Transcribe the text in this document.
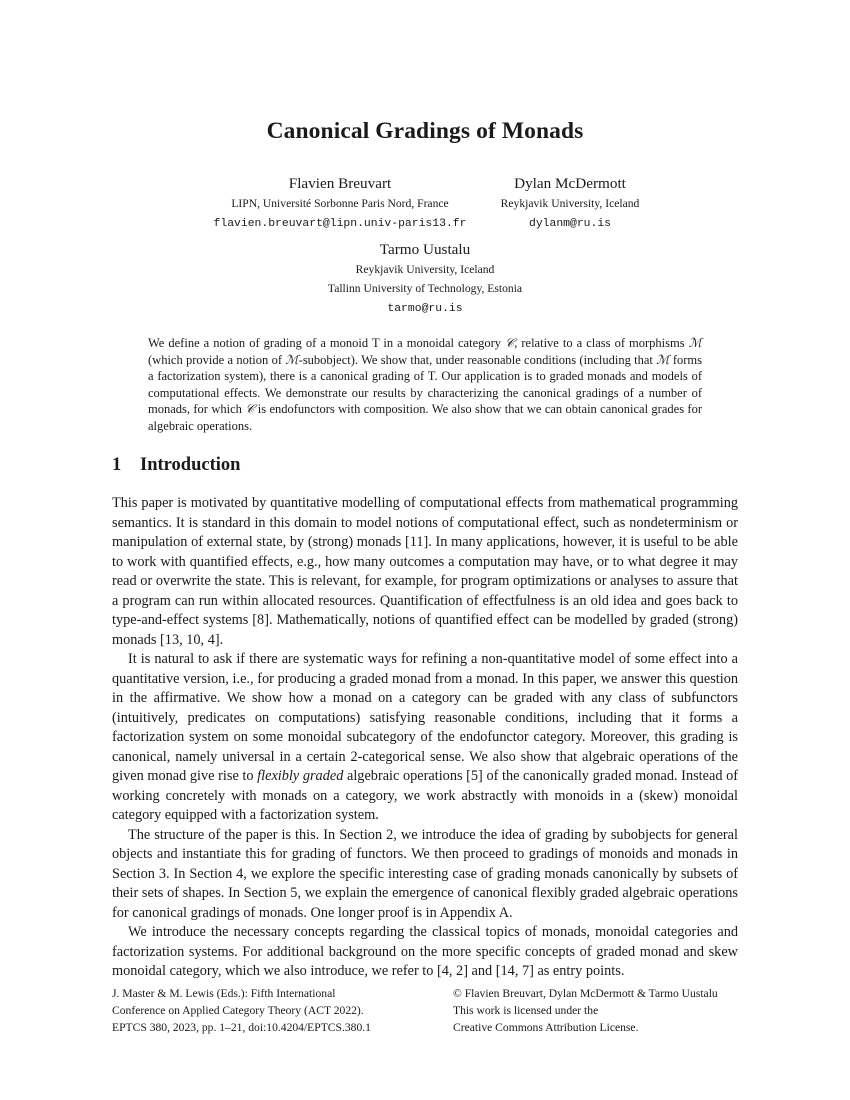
Canonical Gradings of Monads
Flavien Breuvart
LIPN, Université Sorbonne Paris Nord, France
flavien.breuvart@lipn.univ-paris13.fr
Dylan McDermott
Reykjavik University, Iceland
dylanm@ru.is
Tarmo Uustalu
Reykjavik University, Iceland
Tallinn University of Technology, Estonia
tarmo@ru.is
We define a notion of grading of a monoid T in a monoidal category 𝒞, relative to a class of morphisms ℳ (which provide a notion of ℳ-subobject). We show that, under reasonable conditions (including that ℳ forms a factorization system), there is a canonical grading of T. Our application is to graded monads and models of computational effects. We demonstrate our results by characterizing the canonical gradings of a number of monads, for which 𝒞 is endofunctors with composition. We also show that we can obtain canonical grades for algebraic operations.
1 Introduction

This paper is motivated by quantitative modelling of computational effects from mathematical programming semantics. It is standard in this domain to model notions of computational effect, such as nondeterminism or manipulation of external state, by (strong) monads [11]. In many applications, however, it is useful to be able to work with quantified effects, e.g., how many outcomes a computation may have, or to what degree it may read or overwrite the state. This is relevant, for example, for program optimizations or analyses to assure that a program can run within allocated resources. Quantification of effectfulness is an old idea and goes back to type-and-effect systems [8]. Mathematically, notions of quantified effect can be modelled by graded (strong) monads [13, 10, 4].

It is natural to ask if there are systematic ways for refining a non-quantitative model of some effect into a quantitative version, i.e., for producing a graded monad from a monad. In this paper, we answer this question in the affirmative. We show how a monad on a category can be graded with any class of subfunctors (intuitively, predicates on computations) satisfying reasonable conditions, including that it forms a factorization system on some monoidal subcategory of the endofunctor category. Moreover, this grading is canonical, namely universal in a certain 2-categorical sense. We also show that algebraic operations of the given monad give rise to flexibly graded algebraic operations [5] of the canonically graded monad. Instead of working concretely with monads on a category, we work abstractly with monoids in a (skew) monoidal category equipped with a factorization system.

The structure of the paper is this. In Section 2, we introduce the idea of grading by subobjects for general objects and instantiate this for grading of functors. We then proceed to gradings of monoids and monads in Section 3. In Section 4, we explore the specific interesting case of grading monads canonically by subsets of their sets of shapes. In Section 5, we explain the emergence of canonical flexibly graded algebraic operations for canonical gradings of monads. One longer proof is in Appendix A.

We introduce the necessary concepts regarding the classical topics of monads, monoidal categories and factorization systems. For additional background on the more specific concepts of graded monad and skew monoidal category, which we also introduce, we refer to [4, 2] and [14, 7] as entry points.

J. Master & M. Lewis (Eds.): Fifth International
Conference on Applied Category Theory (ACT 2022).
EPTCS 380, 2023, pp. 1–21, doi:10.4204/EPTCS.380.1
© Flavien Breuvart, Dylan McDermott & Tarmo Uustalu
This work is licensed under the
Creative Commons Attribution License.
